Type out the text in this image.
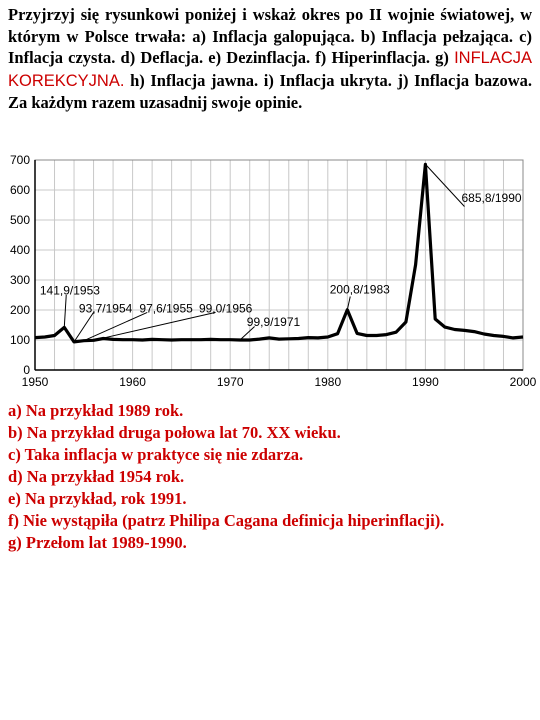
Przyjrzyj się rysunkowi poniżej i wskaż okres po II wojnie światowej, w którym w Polsce trwała: a) Inflacja galopująca. b) Inflacja pełzająca. c) Inflacja czysta. d) Deflacja. e) Dezinflacja. f) Hiperinflacja. g) INFLACJA KOREKCYJNA. h) Inflacja jawna. i) Inflacja ukryta. j) Inflacja bazowa. Za każdym razem uzasadnij swoje opinie.
0
100
200
300
400
500
600
700
1950	1960	1970	1980	1990	2000
141,9/1953
93,7/1954 97,6/1955 99,0/1956
99,9/1971
200,8/1983
685,8/1990
a) Na przykład 1989 rok.
b) Na przykład druga połowa lat 70. XX wieku.
c) Taka inflacja w praktyce się nie zdarza.
d) Na przykład 1954 rok.
e) Na przykład, rok 1991.
f) Nie wystąpiła (patrz Philipa Cagana definicja hiperinflacji).
g) Przełom lat 1989-1990.
